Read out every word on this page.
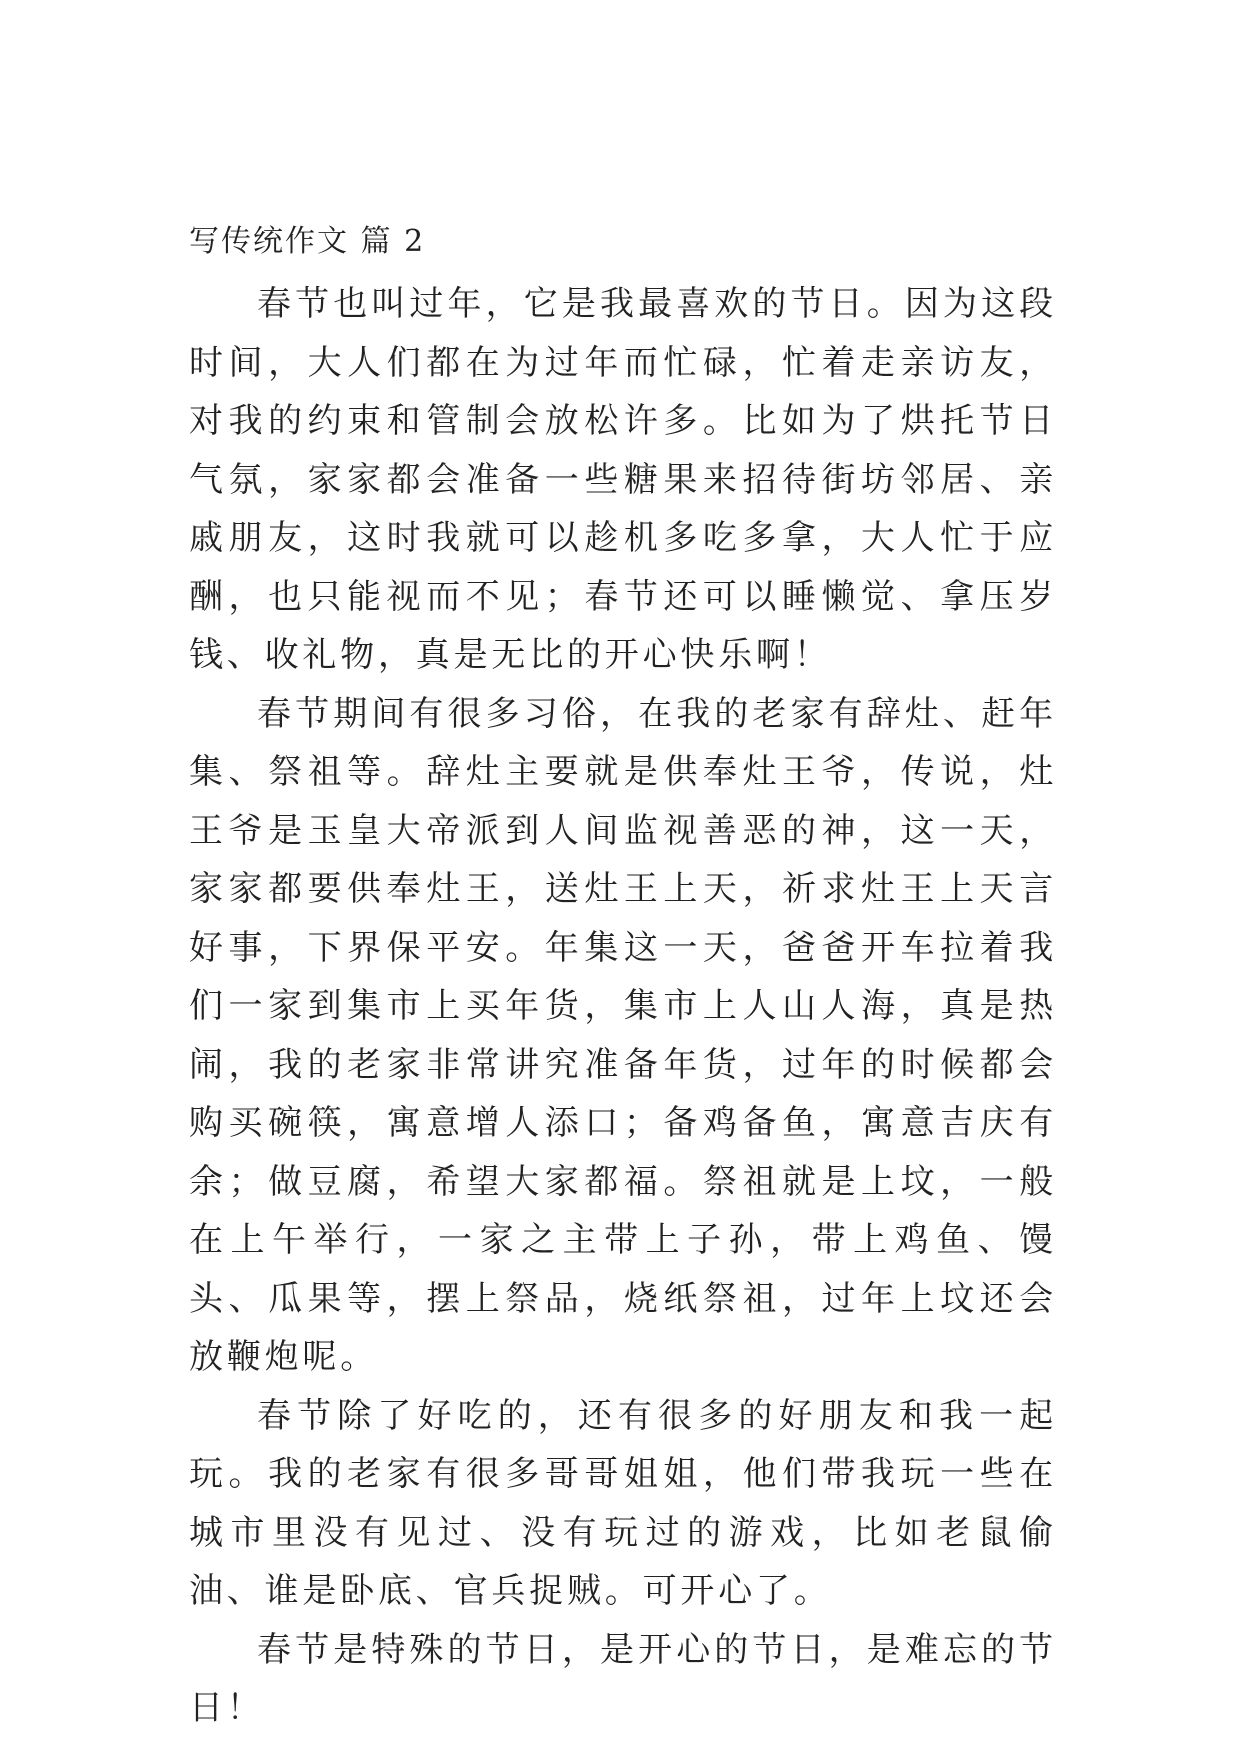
写传统作文 篇 2

春节也叫过年，它是我最喜欢的节日。因为这段时间，大人们都在为过年而忙碌，忙着走亲访友，对我的约束和管制会放松许多。比如为了烘托节日气氛，家家都会准备一些糖果来招待街坊邻居、亲戚朋友，这时我就可以趁机多吃多拿，大人忙于应酬，也只能视而不见；春节还可以睡懒觉、拿压岁钱、收礼物，真是无比的开心快乐啊！

春节期间有很多习俗，在我的老家有辞灶、赶年集、祭祖等。辞灶主要就是供奉灶王爷，传说，灶王爷是玉皇大帝派到人间监视善恶的神，这一天，家家都要供奉灶王，送灶王上天，祈求灶王上天言好事，下界保平安。年集这一天，爸爸开车拉着我们一家到集市上买年货，集市上人山人海，真是热闹，我的老家非常讲究准备年货，过年的时候都会购买碗筷，寓意增人添口；备鸡备鱼，寓意吉庆有余；做豆腐，希望大家都福。祭祖就是上坟，一般在上午举行，一家之主带上子孙，带上鸡鱼、馒头、瓜果等，摆上祭品，烧纸祭祖，过年上坟还会放鞭炮呢。

春节除了好吃的，还有很多的好朋友和我一起玩。我的老家有很多哥哥姐姐，他们带我玩一些在城市里没有见过、没有玩过的游戏，比如老鼠偷油、谁是卧底、官兵捉贼。可开心了。

春节是特殊的节日，是开心的节日，是难忘的节日！
